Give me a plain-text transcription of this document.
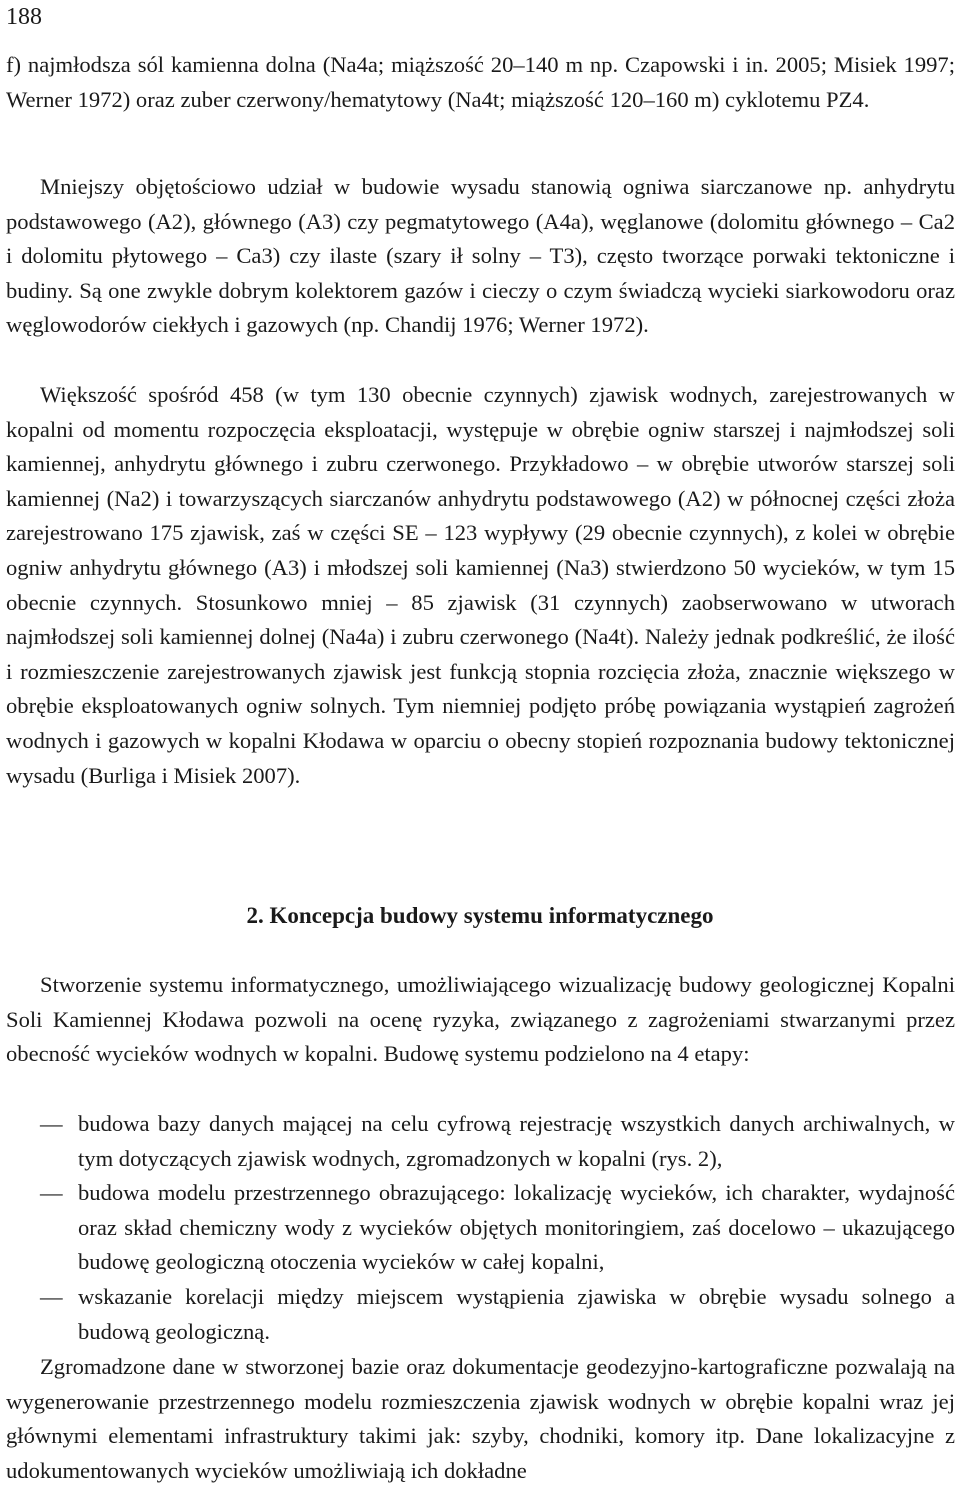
188

f) najmłodsza sól kamienna dolna (Na4a; miąższość 20–140 m np. Czapowski i in. 2005; Misiek 1997; Werner 1972) oraz zuber czerwony/hematytowy (Na4t; miąższość 120–160 m) cyklotemu PZ4.

Mniejszy objętościowo udział w budowie wysadu stanowią ogniwa siarczanowe np. anhydrytu podstawowego (A2), głównego (A3) czy pegmatytowego (A4a), węglanowe (dolomitu głównego – Ca2 i dolomitu płytowego – Ca3) czy ilaste (szary ił solny – T3), często tworzące porwaki tektoniczne i budiny. Są one zwykle dobrym kolektorem gazów i cieczy o czym świadczą wycieki siarkowodoru oraz węglowodorów ciekłych i gazowych (np. Chandij 1976; Werner 1972).

Większość spośród 458 (w tym 130 obecnie czynnych) zjawisk wodnych, zarejestrowanych w kopalni od momentu rozpoczęcia eksploatacji, występuje w obrębie ogniw starszej i najmłodszej soli kamiennej, anhydrytu głównego i zubru czerwonego. Przykładowo – w obrębie utworów starszej soli kamiennej (Na2) i towarzyszących siarczanów anhydrytu podstawowego (A2) w północnej części złoża zarejestrowano 175 zjawisk, zaś w części SE – 123 wypływy (29 obecnie czynnych), z kolei w obrębie ogniw anhydrytu głównego (A3) i młodszej soli kamiennej (Na3) stwierdzono 50 wycieków, w tym 15 obecnie czynnych. Stosunkowo mniej – 85 zjawisk (31 czynnych) zaobserwowano w utworach najmłodszej soli kamiennej dolnej (Na4a) i zubru czerwonego (Na4t). Należy jednak podkreślić, że ilość i rozmieszczenie zarejestrowanych zjawisk jest funkcją stopnia rozcięcia złoża, znacznie większego w obrębie eksploatowanych ogniw solnych. Tym niemniej podjęto próbę powiązania wystąpień zagrożeń wodnych i gazowych w kopalni Kłodawa w oparciu o obecny stopień rozpoznania budowy tektonicznej wysadu (Burliga i Misiek 2007).

2. Koncepcja budowy systemu informatycznego

Stworzenie systemu informatycznego, umożliwiającego wizualizację budowy geologicznej Kopalni Soli Kamiennej Kłodawa pozwoli na ocenę ryzyka, związanego z zagrożeniami stwarzanymi przez obecność wycieków wodnych w kopalni. Budowę systemu podzielono na 4 etapy:

— budowa bazy danych mającej na celu cyfrową rejestrację wszystkich danych archiwalnych, w tym dotyczących zjawisk wodnych, zgromadzonych w kopalni (rys. 2),
— budowa modelu przestrzennego obrazującego: lokalizację wycieków, ich charakter, wydajność oraz skład chemiczny wody z wycieków objętych monitoringiem, zaś docelowo – ukazującego budowę geologiczną otoczenia wycieków w całej kopalni,
— wskazanie korelacji między miejscem wystąpienia zjawiska w obrębie wysadu solnego a budową geologiczną.

Zgromadzone dane w stworzonej bazie oraz dokumentacje geodezyjno-kartograficzne pozwalają na wygenerowanie przestrzennego modelu rozmieszczenia zjawisk wodnych w obrębie kopalni wraz jej głównymi elementami infrastruktury takimi jak: szyby, chodniki, komory itp. Dane lokalizacyjne z udokumentowanych wycieków umożliwiają ich dokładne
